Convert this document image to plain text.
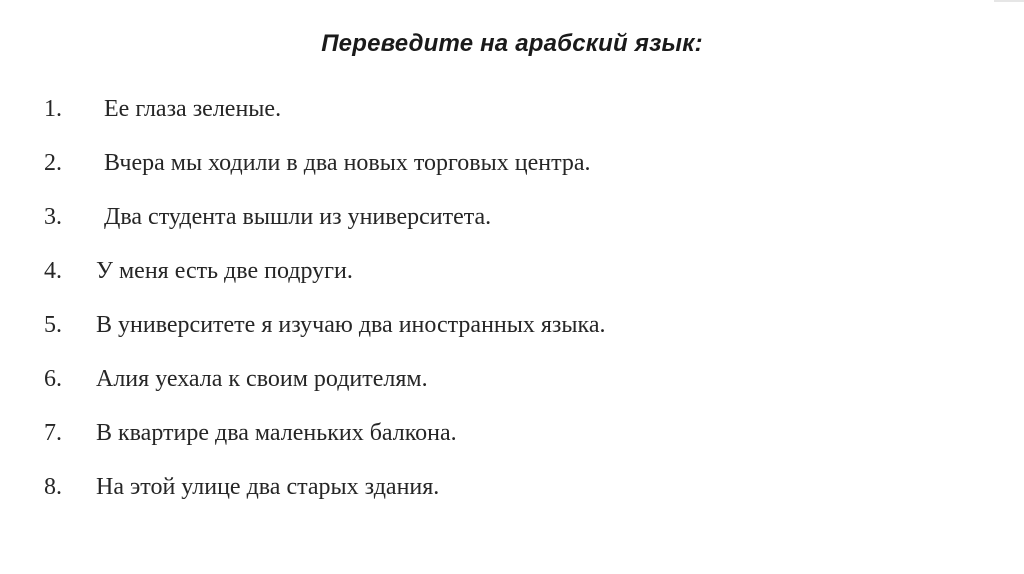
Переведите на арабский язык:
1. Ее глаза зеленые.
2. Вчера мы ходили в два новых торговых центра.
3. Два студента вышли из университета.
4. У меня есть две подруги.
5. В университете я изучаю два иностранных языка.
6. Алия уехала к своим родителям.
7. В квартире два маленьких балкона.
8. На этой улице два старых здания.
